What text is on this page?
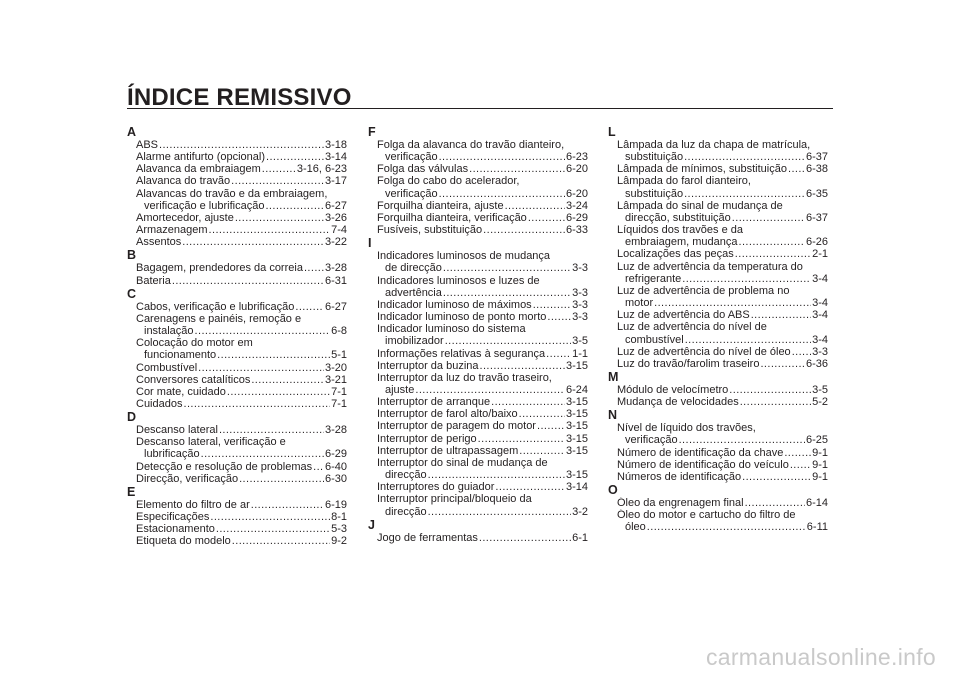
ÍNDICE REMISSIVO
A
ABS .....	3-18
Alarme antifurto (opcional) .....	3-14
Alavanca da embraiagem .....	3-16, 6-23
Alavanca do travão .....	3-17
Alavancas do travão e da embraiagem,
verificação e lubrificação .....	6-27
Amortecedor, ajuste .....	3-26
Armazenagem .....	7-4
Assentos .....	3-22
B
Bagagem, prendedores da correia ..... 3-28
Bateria .....	6-31
C
Cabos, verificação e lubrificação .....	6-27
Carenagens e painéis, remoção e
instalação .....	6-8
Colocação do motor em
funcionamento .....	5-1
Combustível .....	3-20
Conversores catalíticos .....	3-21
Cor mate, cuidado .....	7-1
Cuidados .....	7-1
D
Descanso lateral .....	3-28
Descanso lateral, verificação e
lubrificação .....	6-29
Detecção e resolução de problemas ..... 6-40
Direcção, verificação .....	6-30
E
Elemento do filtro de ar .....	6-19
Especificações .....	8-1
Estacionamento .....	5-3
Etiqueta do modelo .....	9-2
F
Folga da alavanca do travão dianteiro,
verificação .....	6-23
Folga das válvulas .....	6-20
Folga do cabo do acelerador,
verificação .....	6-20
Forquilha dianteira, ajuste .....	3-24
Forquilha dianteira, verificação .....	6-29
Fusíveis, substituição .....	6-33
I
Indicadores luminosos de mudança
de direcção .....	3-3
Indicadores luminosos e luzes de
advertência .....	3-3
Indicador luminoso de máximos .....	3-3
Indicador luminoso de ponto morto ..... 3-3
Indicador luminoso do sistema
imobilizador .....	3-5
Informações relativas à segurança ..... 1-1
Interruptor da buzina .....	3-15
Interruptor da luz do travão traseiro,
ajuste .....	6-24
Interruptor de arranque .....	3-15
Interruptor de farol alto/baixo .....	3-15
Interruptor de paragem do motor .....	3-15
Interruptor de perigo .....	3-15
Interruptor de ultrapassagem .....	3-15
Interruptor do sinal de mudança de
direcção .....	3-15
Interruptores do guiador .....	3-14
Interruptor principal/bloqueio da
direcção .....	3-2
J
Jogo de ferramentas .....	6-1
L
Lâmpada da luz da chapa de matrícula,
substituição .....	6-37
Lâmpada de mínimos, substituição ..... 6-38
Lâmpada do farol dianteiro,
substituição .....	6-35
Lâmpada do sinal de mudança de
direcção, substituição .....	6-37
Líquidos dos travões e da
embraiagem, mudança .....	6-26
Localizações das peças .....	2-1
Luz de advertência da temperatura do
refrigerante .....	3-4
Luz de advertência de problema no
motor .....	3-4
Luz de advertência do ABS .....	3-4
Luz de advertência do nível de
combustível .....	3-4
Luz de advertência do nível de óleo ..... 3-3
Luz do travão/farolim traseiro .....	6-36
M
Módulo de velocímetro .....	3-5
Mudança de velocidades .....	5-2
N
Nível de líquido dos travões,
verificação .....	6-25
Número de identificação da chave .....	9-1
Número de identificação do veículo ..... 9-1
Números de identificação .....	9-1
O
Óleo da engrenagem final .....	6-14
Óleo do motor e cartucho do filtro de
óleo .....	6-11
carmanualsonline.info
